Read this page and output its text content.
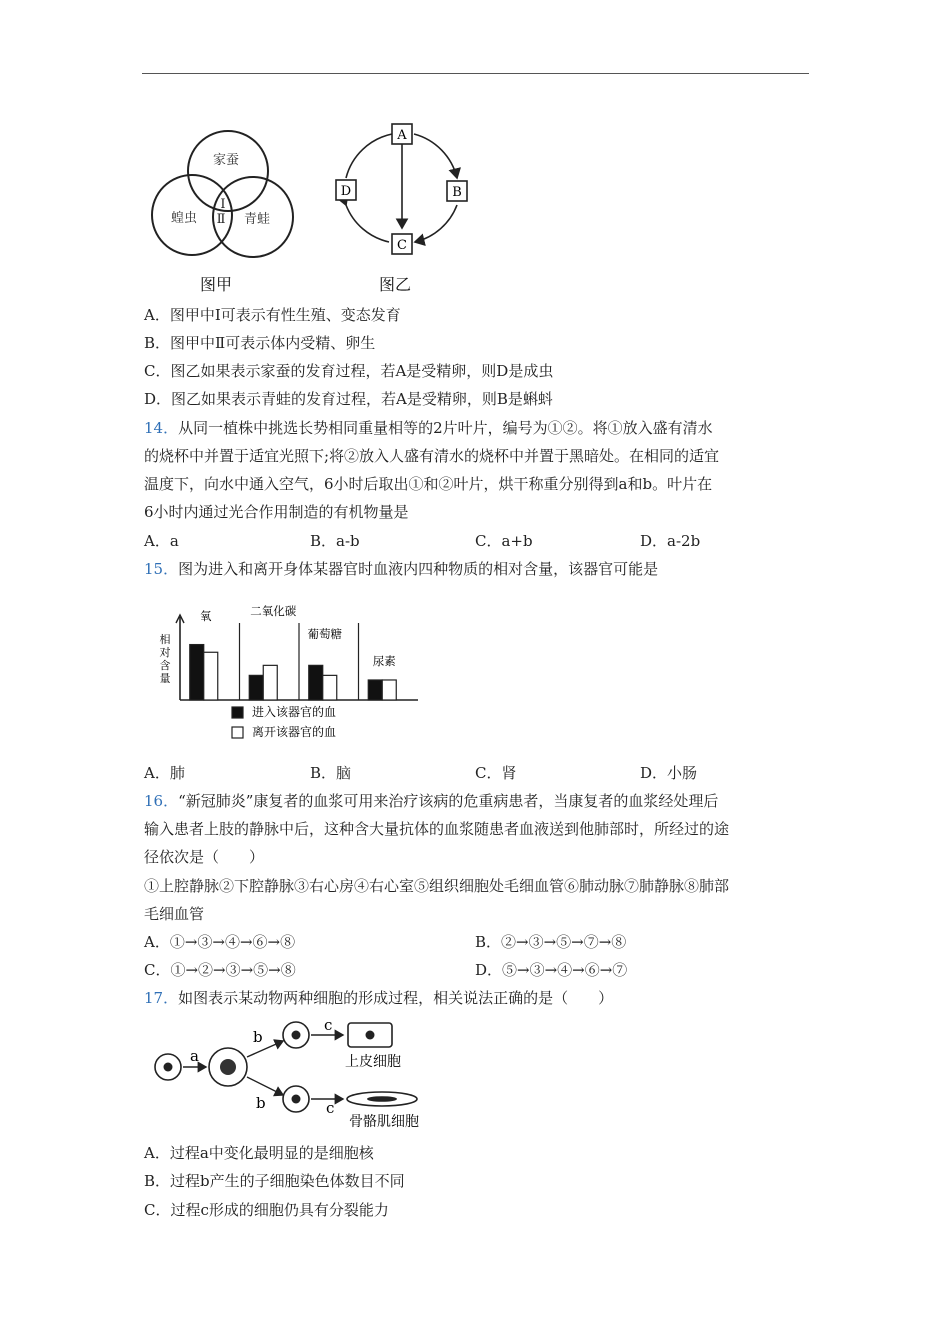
家蚕
蝗虫	青蛙
Ⅰ
Ⅱ
图甲
A
B
C
D
图乙
A．图甲中Ⅰ可表示有性生殖、变态发育
B．图甲中Ⅱ可表示体内受精、卵生
C．图乙如果表示家蚕的发育过程，若A是受精卵，则D是成虫
D．图乙如果表示青蛙的发育过程，若A是受精卵，则B是蝌蚪
14．从同一植株中挑选长势相同重量相等的2片叶片，编号为①②。将①放入盛有清水
的烧杯中并置于适宜光照下;将②放入人盛有清水的烧杯中并置于黑暗处。在相同的适宜
温度下，向水中通入空气，6小时后取出①和②叶片，烘干称重分别得到a和b。叶片在
6小时内通过光合作用制造的有机物量是
A．a	B．a-b	C．a+b	D．a-2b
15．图为进入和离开身体某器官时血液内四种物质的相对含量，该器官可能是
相
对
含
量
氧	二氧化碳
葡萄糖
尿素
进入该器官的血
离开该器官的血
A．肺	B．脑	C．肾	D．小肠
16．“新冠肺炎”康复者的血浆可用来治疗该病的危重病患者，当康复者的血浆经处理后
输入患者上肢的静脉中后，这种含大量抗体的血浆随患者血液送到他肺部时，所经过的途
径依次是（　　）
①上腔静脉②下腔静脉③右心房④右心室⑤组织细胞处毛细血管⑥肺动脉⑦肺静脉⑧肺部
毛细血管
A．①→③→④→⑥→⑧	B．②→③→⑤→⑦→⑧
C．①→②→③→⑤→⑧	D．⑤→③→④→⑥→⑦
17．如图表示某动物两种细胞的形成过程，相关说法正确的是（　　）
a
b
b
c
上皮细胞
c
骨骼肌细胞
A．过程a中变化最明显的是细胞核
B．过程b产生的子细胞染色体数目不同
C．过程c形成的细胞仍具有分裂能力
